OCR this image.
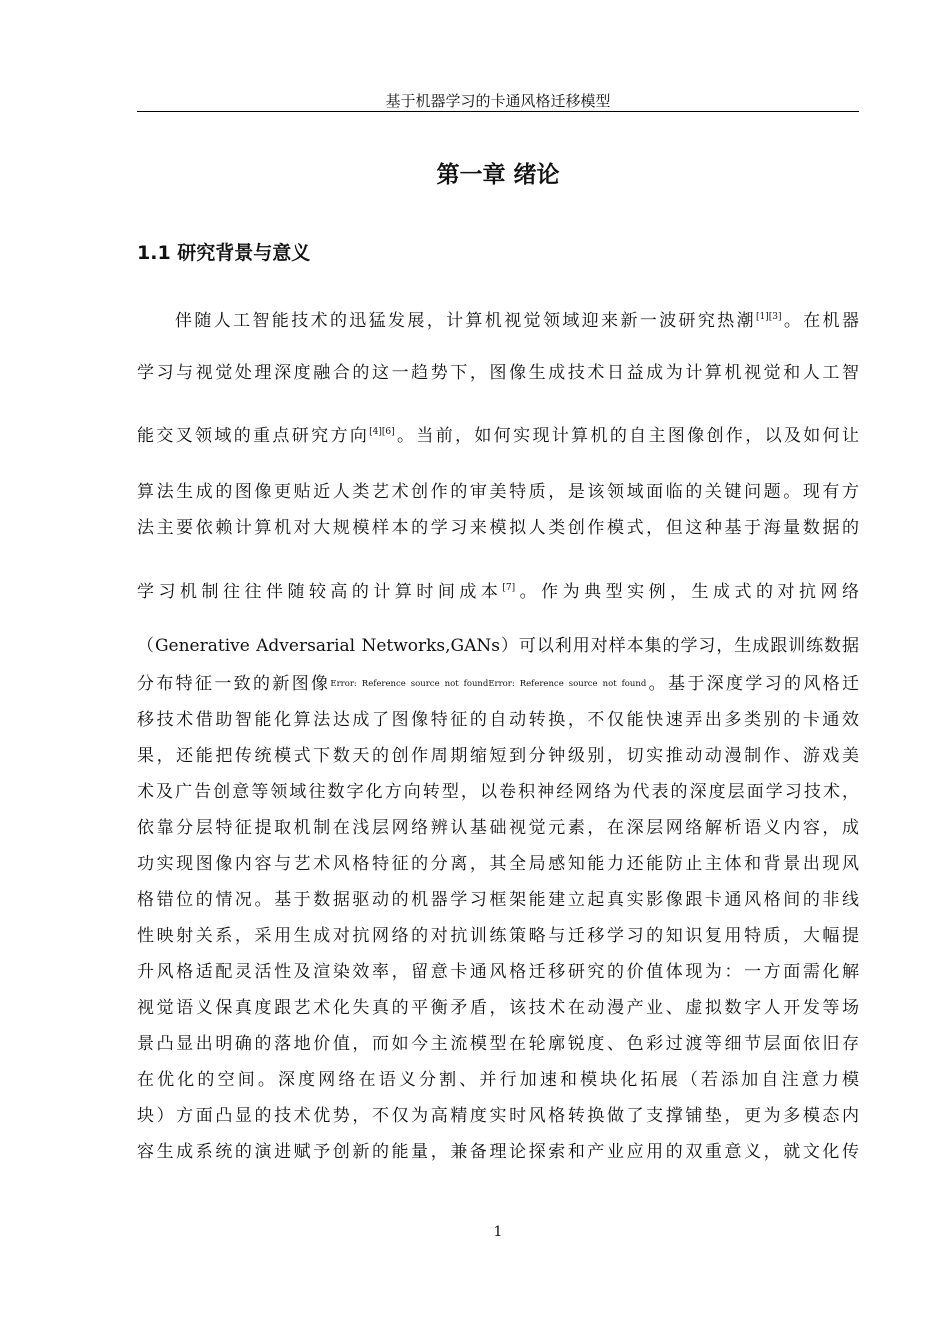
基于机器学习的卡通风格迁移模型
第一章 绪论
1.1 研究背景与意义
伴随人工智能技术的迅猛发展，计算机视觉领域迎来新一波研究热潮[1][3]。在机器
学习与视觉处理深度融合的这一趋势下，图像生成技术日益成为计算机视觉和人工智
能交叉领域的重点研究方向[4][6]。当前，如何实现计算机的自主图像创作，以及如何让
算法生成的图像更贴近人类艺术创作的审美特质，是该领域面临的关键问题。现有方
法主要依赖计算机对大规模样本的学习来模拟人类创作模式，但这种基于海量数据的
学习机制往往伴随较高的计算时间成本[7]。作为典型实例，生成式的对抗网络
（Generative Adversarial Networks,GANs）可以利用对样本集的学习，生成跟训练数据
分布特征一致的新图像Error: Reference source not foundError: Reference source not found。基于深度学习的风格迁
移技术借助智能化算法达成了图像特征的自动转换，不仅能快速弄出多类别的卡通效
果，还能把传统模式下数天的创作周期缩短到分钟级别，切实推动动漫制作、游戏美
术及广告创意等领域往数字化方向转型，以卷积神经网络为代表的深度层面学习技术，
依靠分层特征提取机制在浅层网络辨认基础视觉元素，在深层网络解析语义内容，成
功实现图像内容与艺术风格特征的分离，其全局感知能力还能防止主体和背景出现风
格错位的情况。基于数据驱动的机器学习框架能建立起真实影像跟卡通风格间的非线
性映射关系，采用生成对抗网络的对抗训练策略与迁移学习的知识复用特质，大幅提
升风格适配灵活性及渲染效率，留意卡通风格迁移研究的价值体现为：一方面需化解
视觉语义保真度跟艺术化失真的平衡矛盾，该技术在动漫产业、虚拟数字人开发等场
景凸显出明确的落地价值，而如今主流模型在轮廓锐度、色彩过渡等细节层面依旧存
在优化的空间。深度网络在语义分割、并行加速和模块化拓展（若添加自注意力模
块）方面凸显的技术优势，不仅为高精度实时风格转换做了支撑铺垫，更为多模态内
容生成系统的演进赋予创新的能量，兼备理论探索和产业应用的双重意义，就文化传
1
